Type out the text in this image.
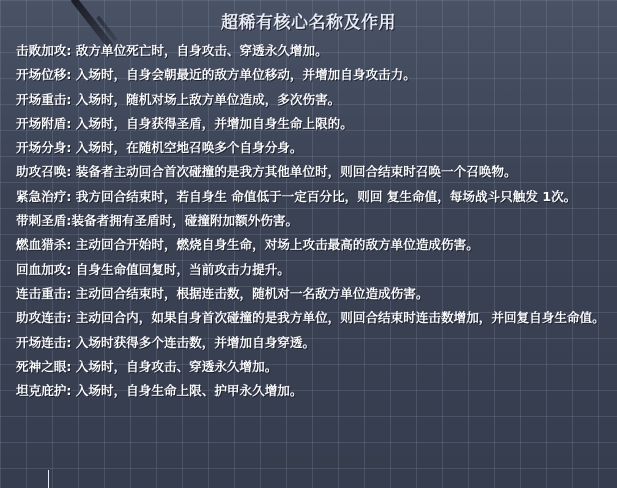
超稀有核心名称及作用
击败加攻: 敌方单位死亡时，自身攻击、穿透永久增加。
开场位移: 入场时，自身会朝最近的敌方单位移动，并增加自身攻击力。
开场重击: 入场时，随机对场上敌方单位造成，多次伤害。
开场附盾: 入场时，自身获得圣盾，并增加自身生命上限的。
开场分身: 入场时，在随机空地召唤多个自身分身。
助攻召唤: 装备者主动回合首次碰撞的是我方其他单位时，则回合结束时召唤一个召唤物。
紧急治疗: 我方回合结束时，若自身生 命值低于一定百分比，则回 复生命值，每场战斗只触发 1次。
带刺圣盾:装备者拥有圣盾时，碰撞附加额外伤害。
燃血猎杀: 主动回合开始时，燃烧自身生命，对场上攻击最高的敌方单位造成伤害。
回血加攻: 自身生命值回复时，当前攻击力提升。
连击重击: 主动回合结束时，根据连击数，随机对一名敌方单位造成伤害。
助攻连击: 主动回合内，如果自身首次碰撞的是我方单位，则回合结束时连击数增加，并回复自身生命值。
开场连击: 入场时获得多个连击数，并增加自身穿透。
死神之眼: 入场时，自身攻击、穿透永久增加。
坦克庇护: 入场时，自身生命上限、护甲永久增加。
